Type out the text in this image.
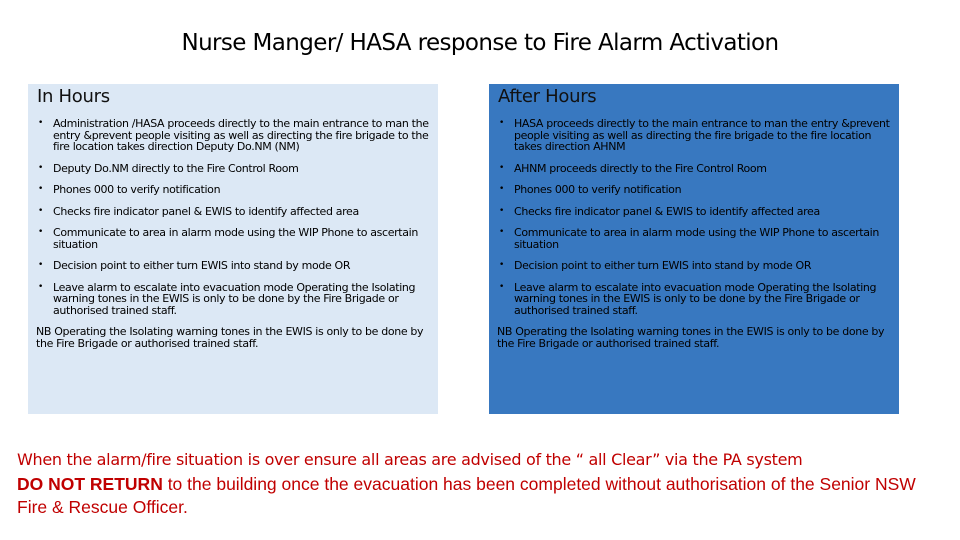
Nurse Manger/ HASA response to Fire Alarm Activation
In Hours	After Hours
• Administration /HASA proceeds directly to the main entrance to man the entry &prevent people visiting as well as directing the fire brigade to the fire location takes direction Deputy Do.NM (NM)
• Deputy Do.NM directly to the Fire Control Room
• Phones 000 to verify notification
• Checks fire indicator panel & EWIS to identify affected area
• Communicate to area in alarm mode using the WIP Phone to ascertain situation
• Decision point to either turn EWIS into stand by mode OR
• Leave alarm to escalate into evacuation mode Operating the Isolating warning tones in the EWIS is only to be done by the Fire Brigade or authorised trained staff.

NB Operating the Isolating warning tones in the EWIS is only to be done by the Fire Brigade or authorised trained staff.

• HASA proceeds directly to the main entrance to man the entry &prevent people visiting as well as directing the fire brigade to the fire location takes direction AHNM
• AHNM proceeds directly to the Fire Control Room
• Phones 000 to verify notification
• Checks fire indicator panel & EWIS to identify affected area
• Communicate to area in alarm mode using the WIP Phone to ascertain situation
• Decision point to either turn EWIS into stand by mode OR
• Leave alarm to escalate into evacuation mode Operating the Isolating warning tones in the EWIS is only to be done by the Fire Brigade or authorised trained staff.

NB Operating the Isolating warning tones in the EWIS is only to be done by the Fire Brigade or authorised trained staff.

When the alarm/fire situation is over ensure all areas are advised of the “ all Clear” via the PA system
DO NOT RETURN to the building once the evacuation has been completed without authorisation of the Senior NSW Fire & Rescue Officer.
